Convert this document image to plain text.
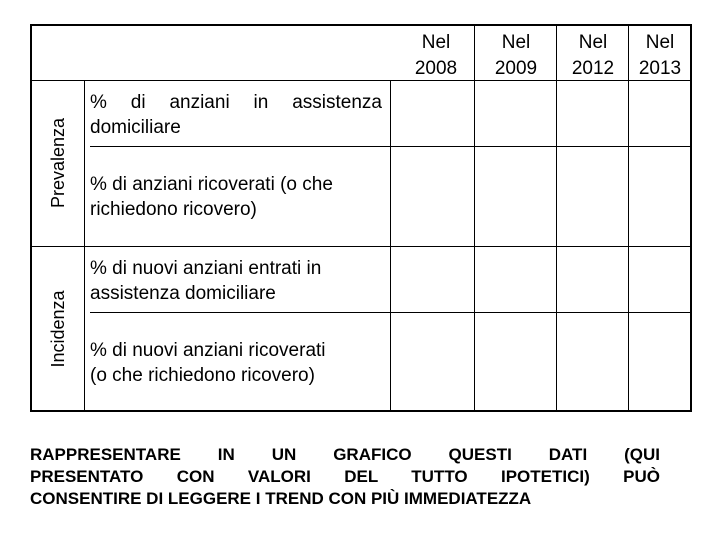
Nel
2008
Nel
2009
Nel
2012
Nel
2013
Prevalenza
Incidenza
% di anziani in assistenza
domiciliare
% di anziani ricoverati (o che
richiedono ricovero)
% di nuovi anziani entrati in
assistenza domiciliare
% di nuovi anziani ricoverati
(o che richiedono ricovero)
RAPPRESENTARE IN UN GRAFICO QUESTI DATI (QUI
PRESENTATO CON VALORI DEL TUTTO IPOTETICI) PUÒ
CONSENTIRE DI LEGGERE I TREND CON PIÙ IMMEDIATEZZA
